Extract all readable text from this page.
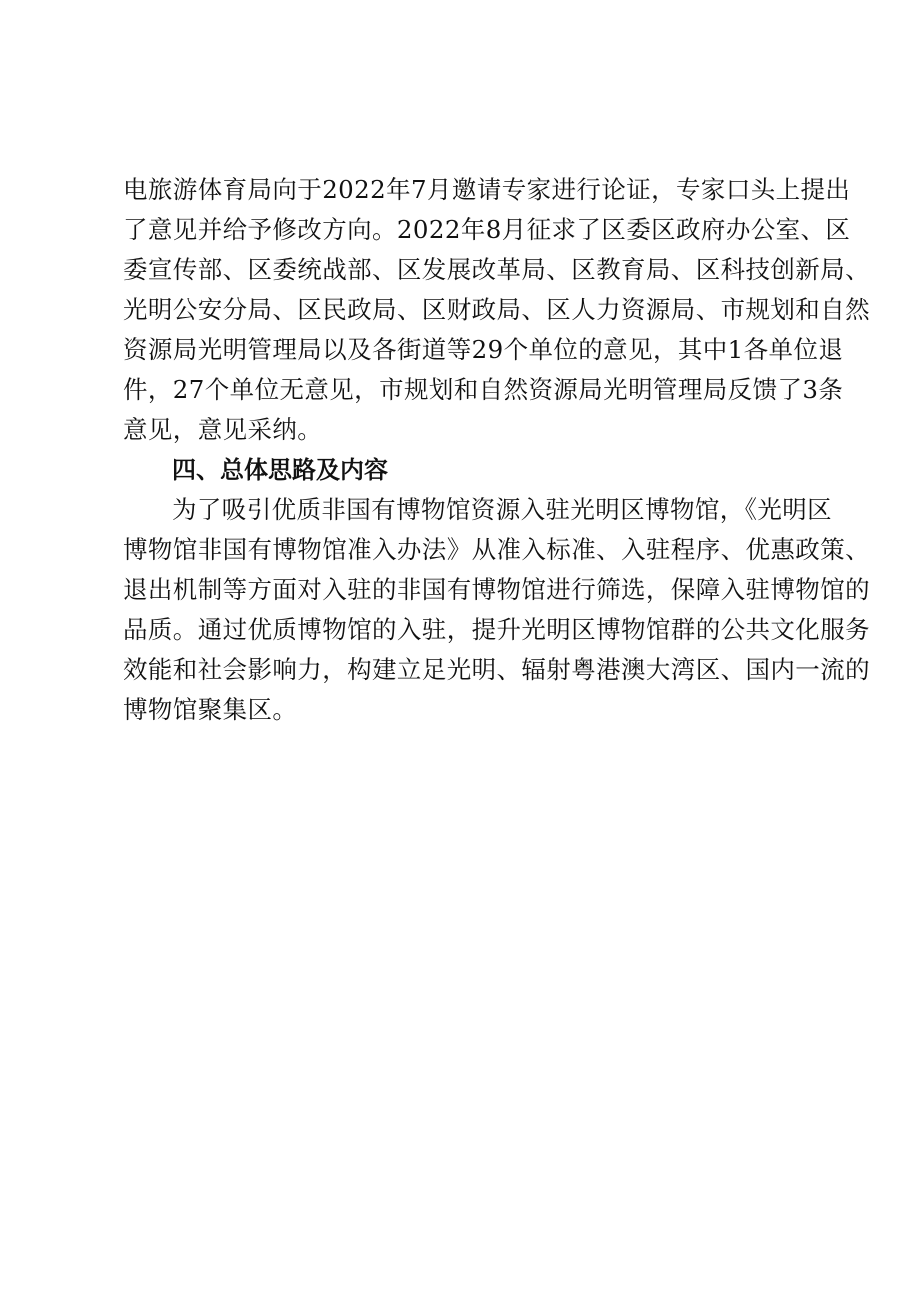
电旅游体育局向于2022年7月邀请专家进行论证，专家口头上提出
了意见并给予修改方向。2022年8月征求了区委区政府办公室、区
委宣传部、区委统战部、区发展改革局、区教育局、区科技创新局、
光明公安分局、区民政局、区财政局、区人力资源局、市规划和自然
资源局光明管理局以及各街道等29个单位的意见，其中1各单位退
件，27个单位无意见，市规划和自然资源局光明管理局反馈了3条
意见，意见采纳。

四、总体思路及内容

为了吸引优质非国有博物馆资源入驻光明区博物馆，《光明区
博物馆非国有博物馆准入办法》从准入标准、入驻程序、优惠政策、
退出机制等方面对入驻的非国有博物馆进行筛选，保障入驻博物馆的
品质。通过优质博物馆的入驻，提升光明区博物馆群的公共文化服务
效能和社会影响力，构建立足光明、辐射粤港澳大湾区、国内一流的
博物馆聚集区。
